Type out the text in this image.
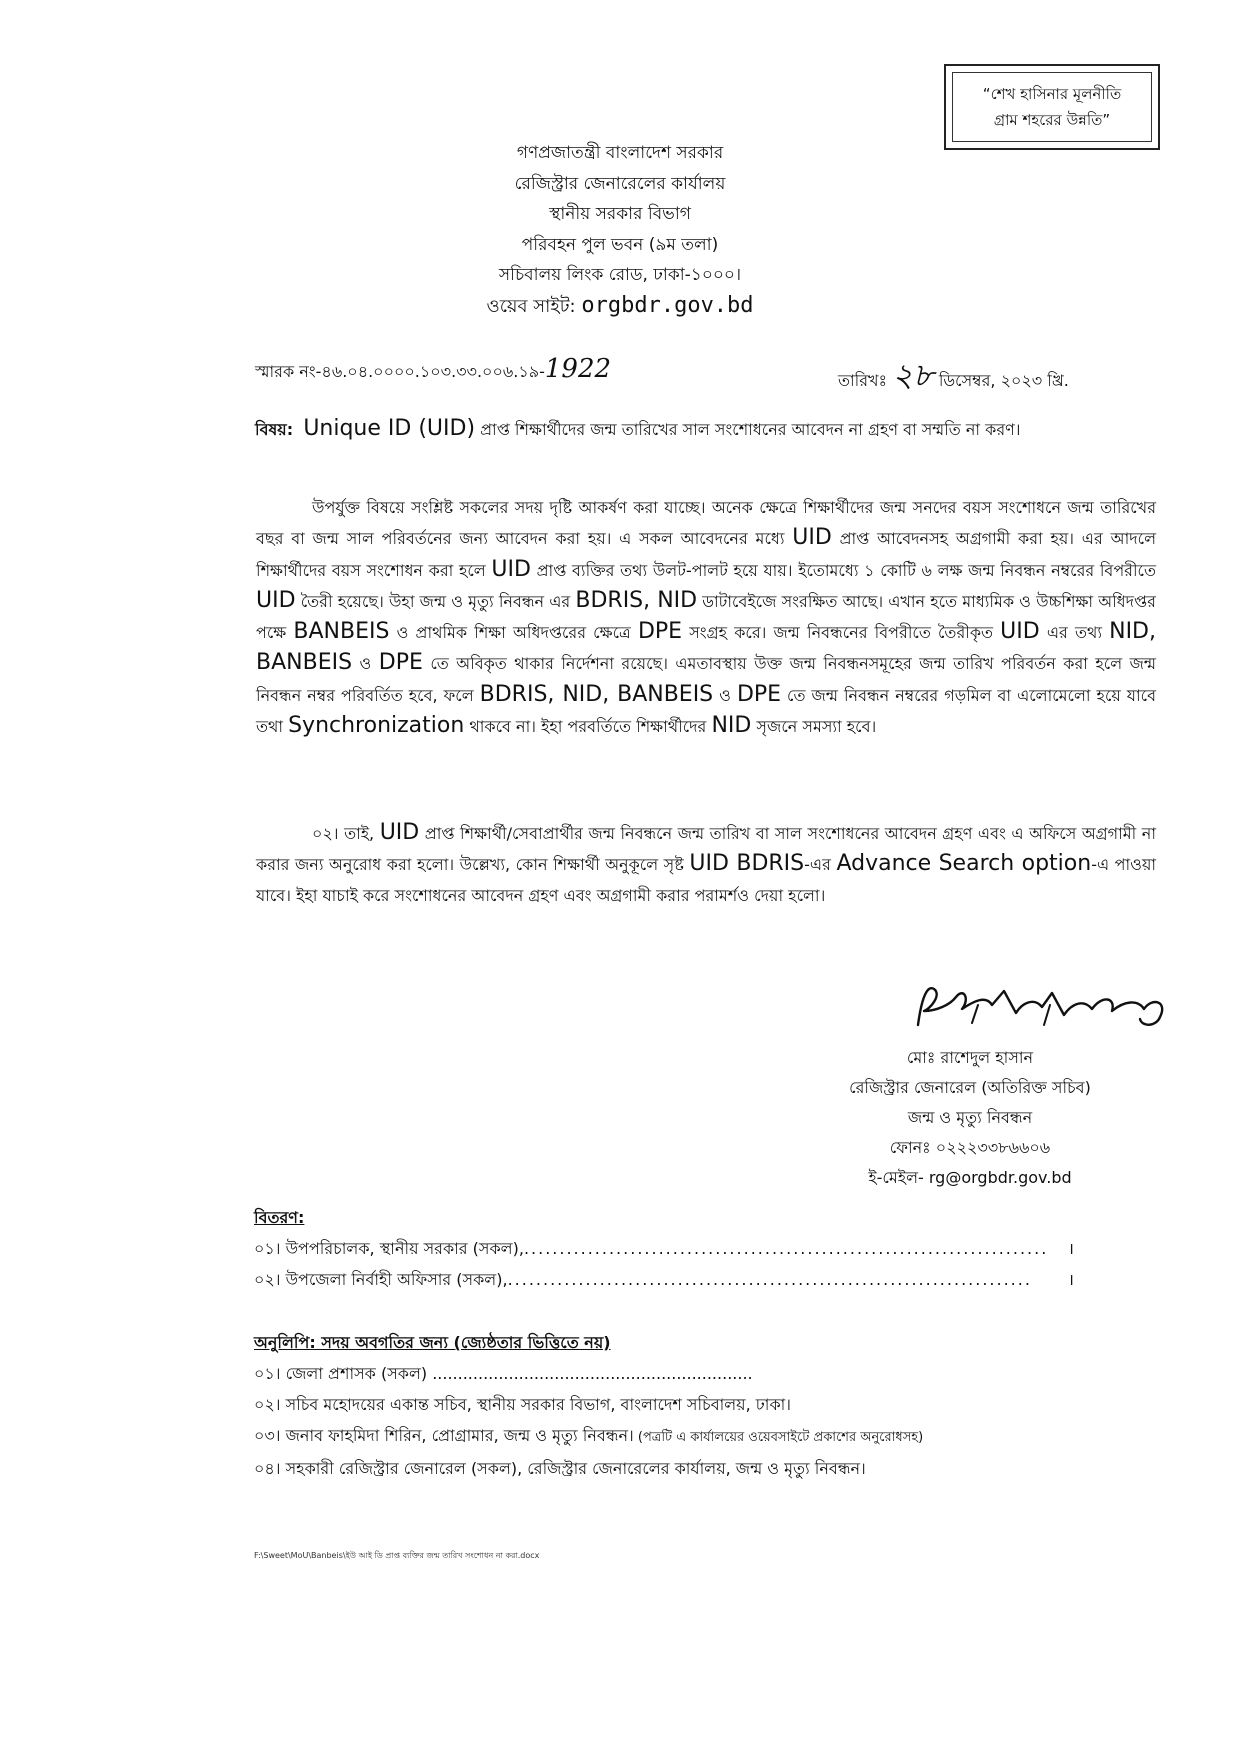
“শেখ হাসিনার মূলনীতি
গ্রাম শহরের উন্নতি”
গণপ্রজাতন্ত্রী বাংলাদেশ সরকার
রেজিস্ট্রার জেনারেলের কার্যালয়
স্থানীয় সরকার বিভাগ
পরিবহন পুল ভবন (৯ম তলা)
সচিবালয় লিংক রোড, ঢাকা-১০০০।
ওয়েব সাইট: orgbdr.gov.bd
স্মারক নং-৪৬.০৪.০০০০.১০৩.৩৩.০০৬.১৯-1922	তারিখঃ ২৮ ডিসেম্বর, ২০২৩ খ্রি.
বিষয়: Unique ID (UID) প্রাপ্ত শিক্ষার্থীদের জন্ম তারিখের সাল সংশোধনের আবেদন না গ্রহণ বা সম্মতি না করণ।
উপর্যুক্ত বিষয়ে সংশ্লিষ্ট সকলের সদয় দৃষ্টি আকর্ষণ করা যাচ্ছে। অনেক ক্ষেত্রে শিক্ষার্থীদের জন্ম সনদের বয়স সংশোধনে জন্ম তারিখের বছর বা জন্ম সাল পরিবর্তনের জন্য আবেদন করা হয়। এ সকল আবেদনের মধ্যে UID প্রাপ্ত আবেদনসহ অগ্রগামী করা হয়। এর আদলে শিক্ষার্থীদের বয়স সংশোধন করা হলে UID প্রাপ্ত ব্যক্তির তথ্য উলট-পালট হয়ে যায়। ইতোমধ্যে ১ কোটি ৬ লক্ষ জন্ম নিবন্ধন নম্বরের বিপরীতে UID তৈরী হয়েছে। উহা জন্ম ও মৃত্যু নিবন্ধন এর BDRIS, NID ডাটাবেইজে সংরক্ষিত আছে। এখান হতে মাধ্যমিক ও উচ্চশিক্ষা অধিদপ্তর পক্ষে BANBEIS ও প্রাথমিক শিক্ষা অধিদপ্তরের ক্ষেত্রে DPE সংগ্রহ করে। জন্ম নিবন্ধনের বিপরীতে তৈরীকৃত UID এর তথ্য NID, BANBEIS ও DPE তে অবিকৃত থাকার নির্দেশনা রয়েছে। এমতাবস্থায় উক্ত জন্ম নিবন্ধনসমূহের জন্ম তারিখ পরিবর্তন করা হলে জন্ম নিবন্ধন নম্বর পরিবর্তিত হবে, ফলে BDRIS, NID, BANBEIS ও DPE তে জন্ম নিবন্ধন নম্বরের গড়মিল বা এলোমেলো হয়ে যাবে তথা Synchronization থাকবে না। ইহা পরবর্তিতে শিক্ষার্থীদের NID সৃজনে সমস্যা হবে।
০২। তাই, UID প্রাপ্ত শিক্ষার্থী/সেবাপ্রার্থীর জন্ম নিবন্ধনে জন্ম তারিখ বা সাল সংশোধনের আবেদন গ্রহণ এবং এ অফিসে অগ্রগামী না করার জন্য অনুরোধ করা হলো। উল্লেখ্য, কোন শিক্ষার্থী অনুকূলে সৃষ্ট UID BDRIS-এর Advance Search option-এ পাওয়া যাবে। ইহা যাচাই করে সংশোধনের আবেদন গ্রহণ এবং অগ্রগামী করার পরামর্শও দেয়া হলো।
মোঃ রাশেদুল হাসান
রেজিস্ট্রার জেনারেল (অতিরিক্ত সচিব)
জন্ম ও মৃত্যু নিবন্ধন
ফোনঃ ০২২২৩৩৮৬৬০৬
ই-মেইল- rg@orgbdr.gov.bd
বিতরণ:
০১। উপপরিচালক, স্থানীয় সরকার (সকল), ..........................................................................	।
০২। উপজেলা নির্বাহী অফিসার (সকল), ..........................................................................	।
অনুলিপি: সদয় অবগতির জন্য (জ্যেষ্ঠতার ভিত্তিতে নয়)
০১। জেলা প্রশাসক (সকল) ...............................................................
০২। সচিব মহোদয়ের একান্ত সচিব, স্থানীয় সরকার বিভাগ, বাংলাদেশ সচিবালয়, ঢাকা।
০৩। জনাব ফাহমিদা শিরিন, প্রোগ্রামার, জন্ম ও মৃত্যু নিবন্ধন। (পত্রটি এ কার্যালয়ের ওয়েবসাইটে প্রকাশের অনুরোধসহ)
০৪। সহকারী রেজিস্ট্রার জেনারেল (সকল), রেজিস্ট্রার জেনারেলের কার্যালয়, জন্ম ও মৃত্যু নিবন্ধন।
F:\Sweet\MoU\Banbeis\ইউ আই ডি প্রাপ্ত ব্যক্তির জন্ম তারিখ সংশোধন না করা.docx
